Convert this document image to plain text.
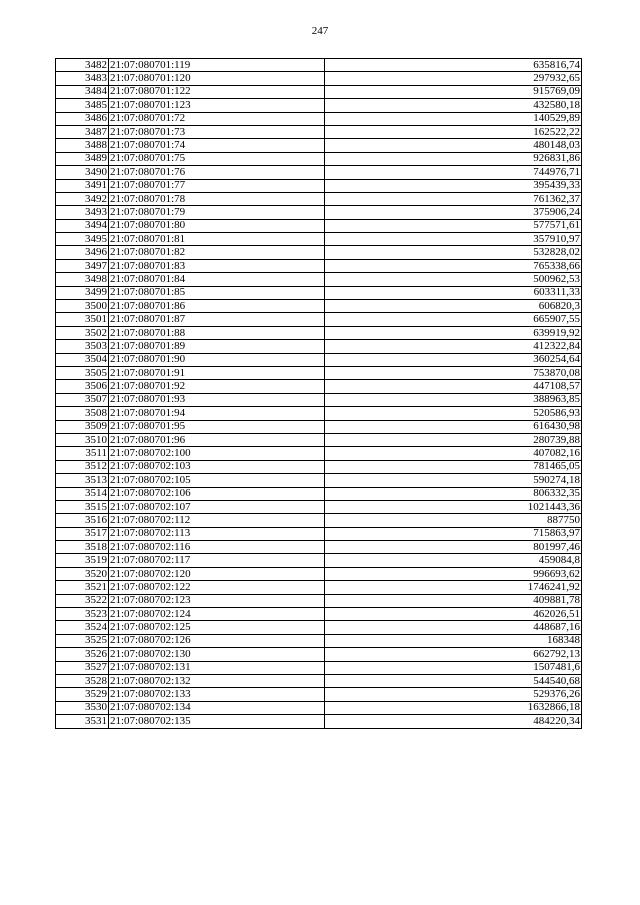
247
3482	21:07:080701:119	635816,74
3483	21:07:080701:120	297932,65
3484	21:07:080701:122	915769,09
3485	21:07:080701:123	432580,18
3486	21:07:080701:72	140529,89
3487	21:07:080701:73	162522,22
3488	21:07:080701:74	480148,03
3489	21:07:080701:75	926831,86
3490	21:07:080701:76	744976,71
3491	21:07:080701:77	395439,33
3492	21:07:080701:78	761362,37
3493	21:07:080701:79	375906,24
3494	21:07:080701:80	577571,61
3495	21:07:080701:81	357910,97
3496	21:07:080701:82	532828,02
3497	21:07:080701:83	765338,66
3498	21:07:080701:84	500962,53
3499	21:07:080701:85	603311,33
3500	21:07:080701:86	606820,3
3501	21:07:080701:87	665907,55
3502	21:07:080701:88	639919,92
3503	21:07:080701:89	412322,84
3504	21:07:080701:90	360254,64
3505	21:07:080701:91	753870,08
3506	21:07:080701:92	447108,57
3507	21:07:080701:93	388963,85
3508	21:07:080701:94	520586,93
3509	21:07:080701:95	616430,98
3510	21:07:080701:96	280739,88
3511	21:07:080702:100	407082,16
3512	21:07:080702:103	781465,05
3513	21:07:080702:105	590274,18
3514	21:07:080702:106	806332,35
3515	21:07:080702:107	1021443,36
3516	21:07:080702:112	887750
3517	21:07:080702:113	715863,97
3518	21:07:080702:116	801997,46
3519	21:07:080702:117	459084,8
3520	21:07:080702:120	996693,62
3521	21:07:080702:122	1746241,92
3522	21:07:080702:123	409881,78
3523	21:07:080702:124	462026,51
3524	21:07:080702:125	448687,16
3525	21:07:080702:126	168348
3526	21:07:080702:130	662792,13
3527	21:07:080702:131	1507481,6
3528	21:07:080702:132	544540,68
3529	21:07:080702:133	529376,26
3530	21:07:080702:134	1632866,18
3531	21:07:080702:135	484220,34
